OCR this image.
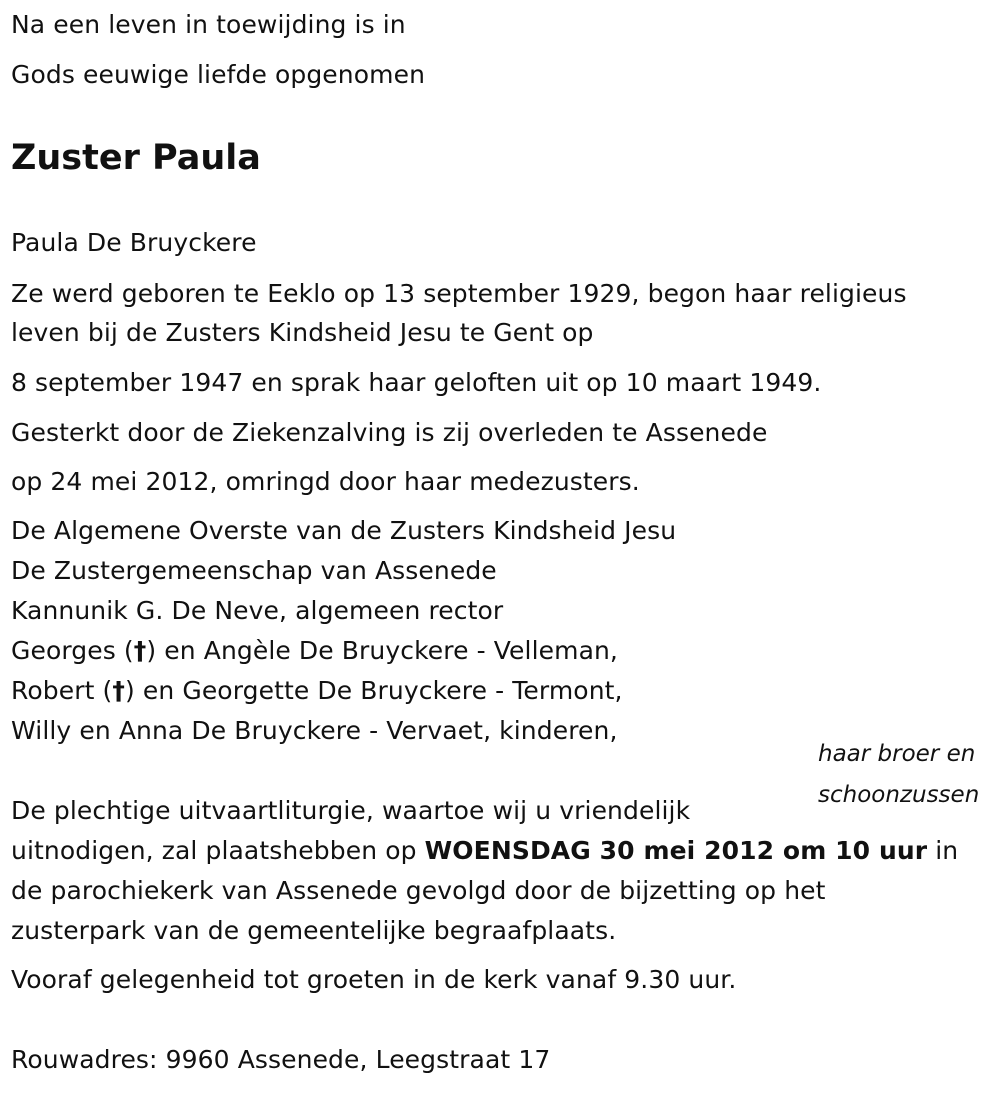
Na een leven in toewijding is in

Gods eeuwige liefde opgenomen

Zuster Paula

Paula De Bruyckere

Ze werd geboren te Eeklo op 13 september 1929, begon haar religieus

leven bij de Zusters Kindsheid Jesu te Gent op

8 september 1947 en sprak haar geloften uit op 10 maart 1949.

Gesterkt door de Ziekenzalving is zij overleden te Assenede

op 24 mei 2012, omringd door haar medezusters.

De Algemene Overste van de Zusters Kindsheid Jesu

De Zustergemeenschap van Assenede

Kannunik G. De Neve, algemeen rector

Georges (†) en Angèle De Bruyckere - Velleman,

Robert (†) en Georgette De Bruyckere - Termont,

Willy en Anna De Bruyckere - Vervaet, kinderen,

haar broer en
schoonzussen

De plechtige uitvaartliturgie, waartoe wij u vriendelijk

uitnodigen, zal plaatshebben op WOENSDAG 30 mei 2012 om 10 uur in

de parochiekerk van Assenede gevolgd door de bijzetting op het

zusterpark van de gemeentelijke begraafplaats.

Vooraf gelegenheid tot groeten in de kerk vanaf 9.30 uur.

Rouwadres: 9960 Assenede, Leegstraat 17
